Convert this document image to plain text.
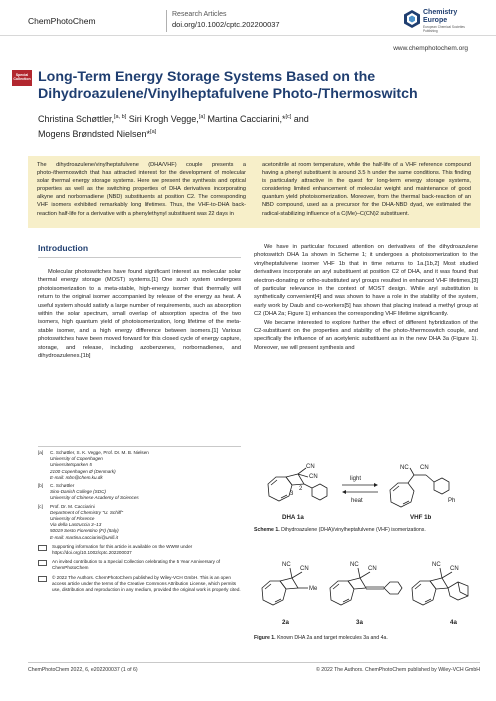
ChemPhotoChem
Research Articles
doi.org/10.1002/cptc.202200037
Chemistry
Europe
European Chemical Societies Publishing
www.chemphotochem.org
Special Collection Long-Term Energy Storage Systems Based on the Dihydroazulene/Vinylheptafulvene Photo-/Thermoswitch
Christina Schøttler,[a, b] Siri Krogh Vegge,[a] Martina Cacciarini,*[c] and
Mogens Brøndsted Nielsen*[a]
The dihydroazulene/vinylheptafulvene (DHA/VHF) couple presents a photo-/thermoswitch that has attracted interest for the development of molecular solar thermal energy storage systems. Here we present the synthesis and optical properties as well as the switching properties of DHA derivatives incorporating alkyne and norbornadiene (NBD) substituents at position C2. The corresponding VHF isomers exhibited remarkably long lifetimes. Thus, the VHF-to-DHA back-reaction half-life for a derivative with a phenylethynyl substituent was 22 days in
acetonitrile at room temperature, while the half-life of a VHF reference compound having a phenyl substituent is around 3.5 h under the same conditions. This finding is particularly attractive in the quest for long-term energy storage systems, considering limited enhancement of molecular weight and maintenance of good quantum yield photoisomerization. Moreover, from the thermal back-reaction of an NBD compound, used as a precursor for the DHA-NBD dyad, we estimated the radical-stabilizing influence of a C(Me)–C(CN)2 substituent.
Introduction

Molecular photoswitches have found significant interest as molecular solar thermal energy storage (MOST) systems.[1] One such system undergoes photoisomerization to a meta-stable, high-energy isomer that thermally will return to the original isomer accompanied by release of the energy as heat. A useful system should satisfy a large number of requirements, such as absorption within the solar spectrum, small overlap of absorption spectra of the two isomers, high quantum yield of photoisomerization, long lifetime of the meta-stable isomer, and a high energy difference between isomers.[1] Various photoswitches have been moved forward for this closed cycle of energy capture, storage, and release, including azobenzenes, norbornadienes, and dihydroazulenes.[1b]

We have in particular focused attention on derivatives of the dihydroazulene photoswitch DHA 1a shown in Scheme 1; it undergoes a photoisomerization to the vinylheptafulvene isomer VHF 1b that in time returns to 1a.[1b,2] Most studied derivatives incorporate an aryl substituent at position C2 of DHA, and it was found that electron-donating or ortho-substituted aryl groups resulted in enhanced VHF lifetimes,[3] of particular relevance in the context of MOST design. While aryl substitution is synthetically convenient[4] and was shown to have a role in the stability of the system, early work by Daub and co-workers[5] has shown that placing instead a methyl group at C2 (DHA 2a; Figure 1) enhances the corresponding VHF lifetime significantly.

We became interested to explore further the effect of different hybridization of the C2-substituent on the properties and stability of the photo-/thermoswitch couple, and specifically the influence of an acetylenic substituent as in the new DHA 3a (Figure 1). Moreover, we will present synthesis and

[a] C. Schøttler, S. K. Vegge, Prof. Dr. M. B. Nielsen
University of Copenhagen
Universitetsparken 5
2100 Copenhagen Ø (Denmark)
E-mail: mbn@chem.ku.dk
[b] C. Schøttler
Sino-Danish College (SDC)
University of Chinese Academy of Sciences
[c] Prof. Dr. M. Cacciarini
Department of Chemistry "U. Schiff"
University of Florence
Via della Lastruccia 3–13
50019 Sesto Fiorentino (FI) (Italy)
E-mail: martina.cacciarini@unifi.it
Supporting information for this article is available on the WWW under https://doi.org/10.1002/cptc.202200037
An invited contribution to a Special Collection celebrating the 5 Year Anniversary of ChemPhotoChem
© 2022 The Authors. ChemPhotoChem published by Wiley-VCH GmbH. This is an open access article under the terms of the Creative Commons Attribution License, which permits use, distribution and reproduction in any medium, provided the original work is properly cited.
CN
CN
3
2
DHA 1a
light
heat
NC CN
Ph
VHF 1b
Scheme 1. Dihydroazulene (DHA)/vinylheptafulvene (VHF) isomerizations.
NC
CN
Me
2a
NC
CN
3a
NC
CN
4a
Figure 1. Known DHA 2a and target molecules 3a and 4a.
ChemPhotoChem 2022, 6, e202200037 (1 of 6)	© 2022 The Authors. ChemPhotoChem published by Wiley-VCH GmbH
